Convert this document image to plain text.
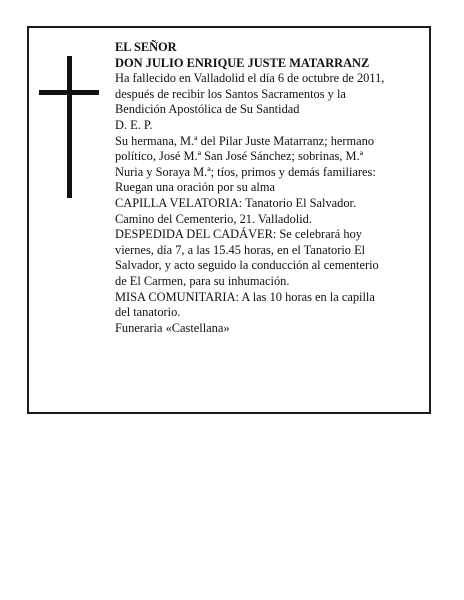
EL SEÑOR
DON JULIO ENRIQUE JUSTE MATARRANZ
Ha fallecido en Valladolid el día 6 de octubre de 2011,
después de recibir los Santos Sacramentos y la
Bendición Apostólica de Su Santidad
D. E. P.
Su hermana, M.ª del Pilar Juste Matarranz; hermano
político, José M.ª San José Sánchez; sobrinas, M.ª
Nuria y Soraya M.ª; tíos, primos y demás familiares:
Ruegan una oración por su alma
CAPILLA VELATORIA: Tanatorio El Salvador.
Camino del Cementerio, 21. Valladolid.
DESPEDIDA DEL CADÁVER: Se celebrará hoy
viernes, día 7, a las 15.45 horas, en el Tanatorio El
Salvador, y acto seguido la conducción al cementerio
de El Carmen, para su inhumación.
MISA COMUNITARIA: A las 10 horas en la capilla
del tanatorio.
Funeraria «Castellana»
